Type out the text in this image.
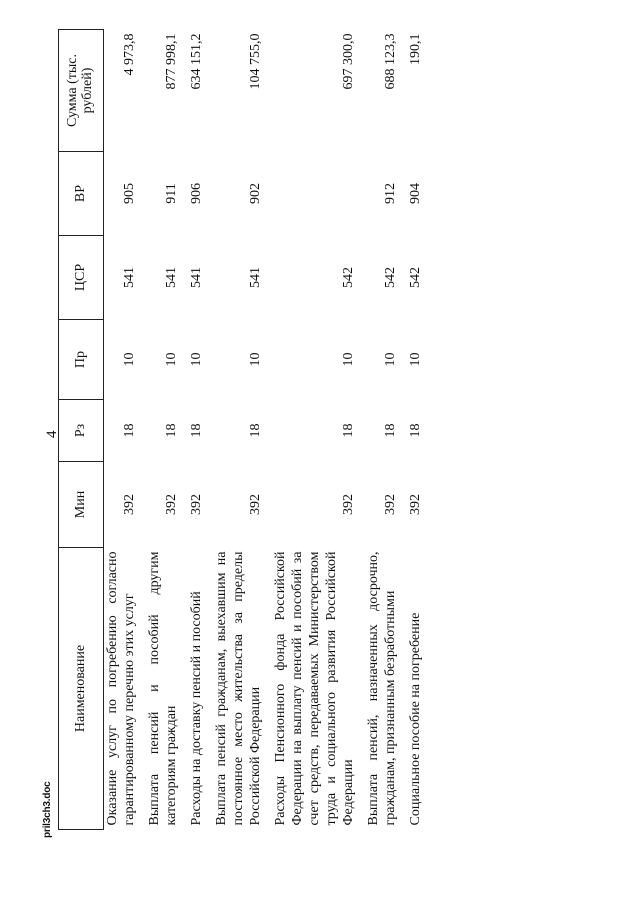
4
Наименование	Мин	Рз	Пр	ЦСР	ВР	Сумма (тыс. рублей)
Оказание услуг по погребению согласно гарантированному перечню этих услуг	392	18	10	541	905	4 973,8
Выплата пенсий и пособий другим категориям граждан	392	18	10	541	911	877 998,1
Расходы на доставку пенсий и пособий	392	18	10	541	906	634 151,2
Выплата пенсий гражданам, выехавшим на постоянное место жительства за пределы Российской Федерации	392	18	10	541	902	104 755,0
Расходы Пенсионного фонда Российской Федерации на выплату пенсий и пособий за счет средств, передаваемых Министерством труда и социального развития Российской Федерации	392	18	10	542		697 300,0
Выплата пенсий, назначенных досрочно, гражданам, признанным безработными	392	18	10	542	912	688 123,3
Социальное пособие на погребение	392	18	10	542	904	190,1
pril3ch3.doc
